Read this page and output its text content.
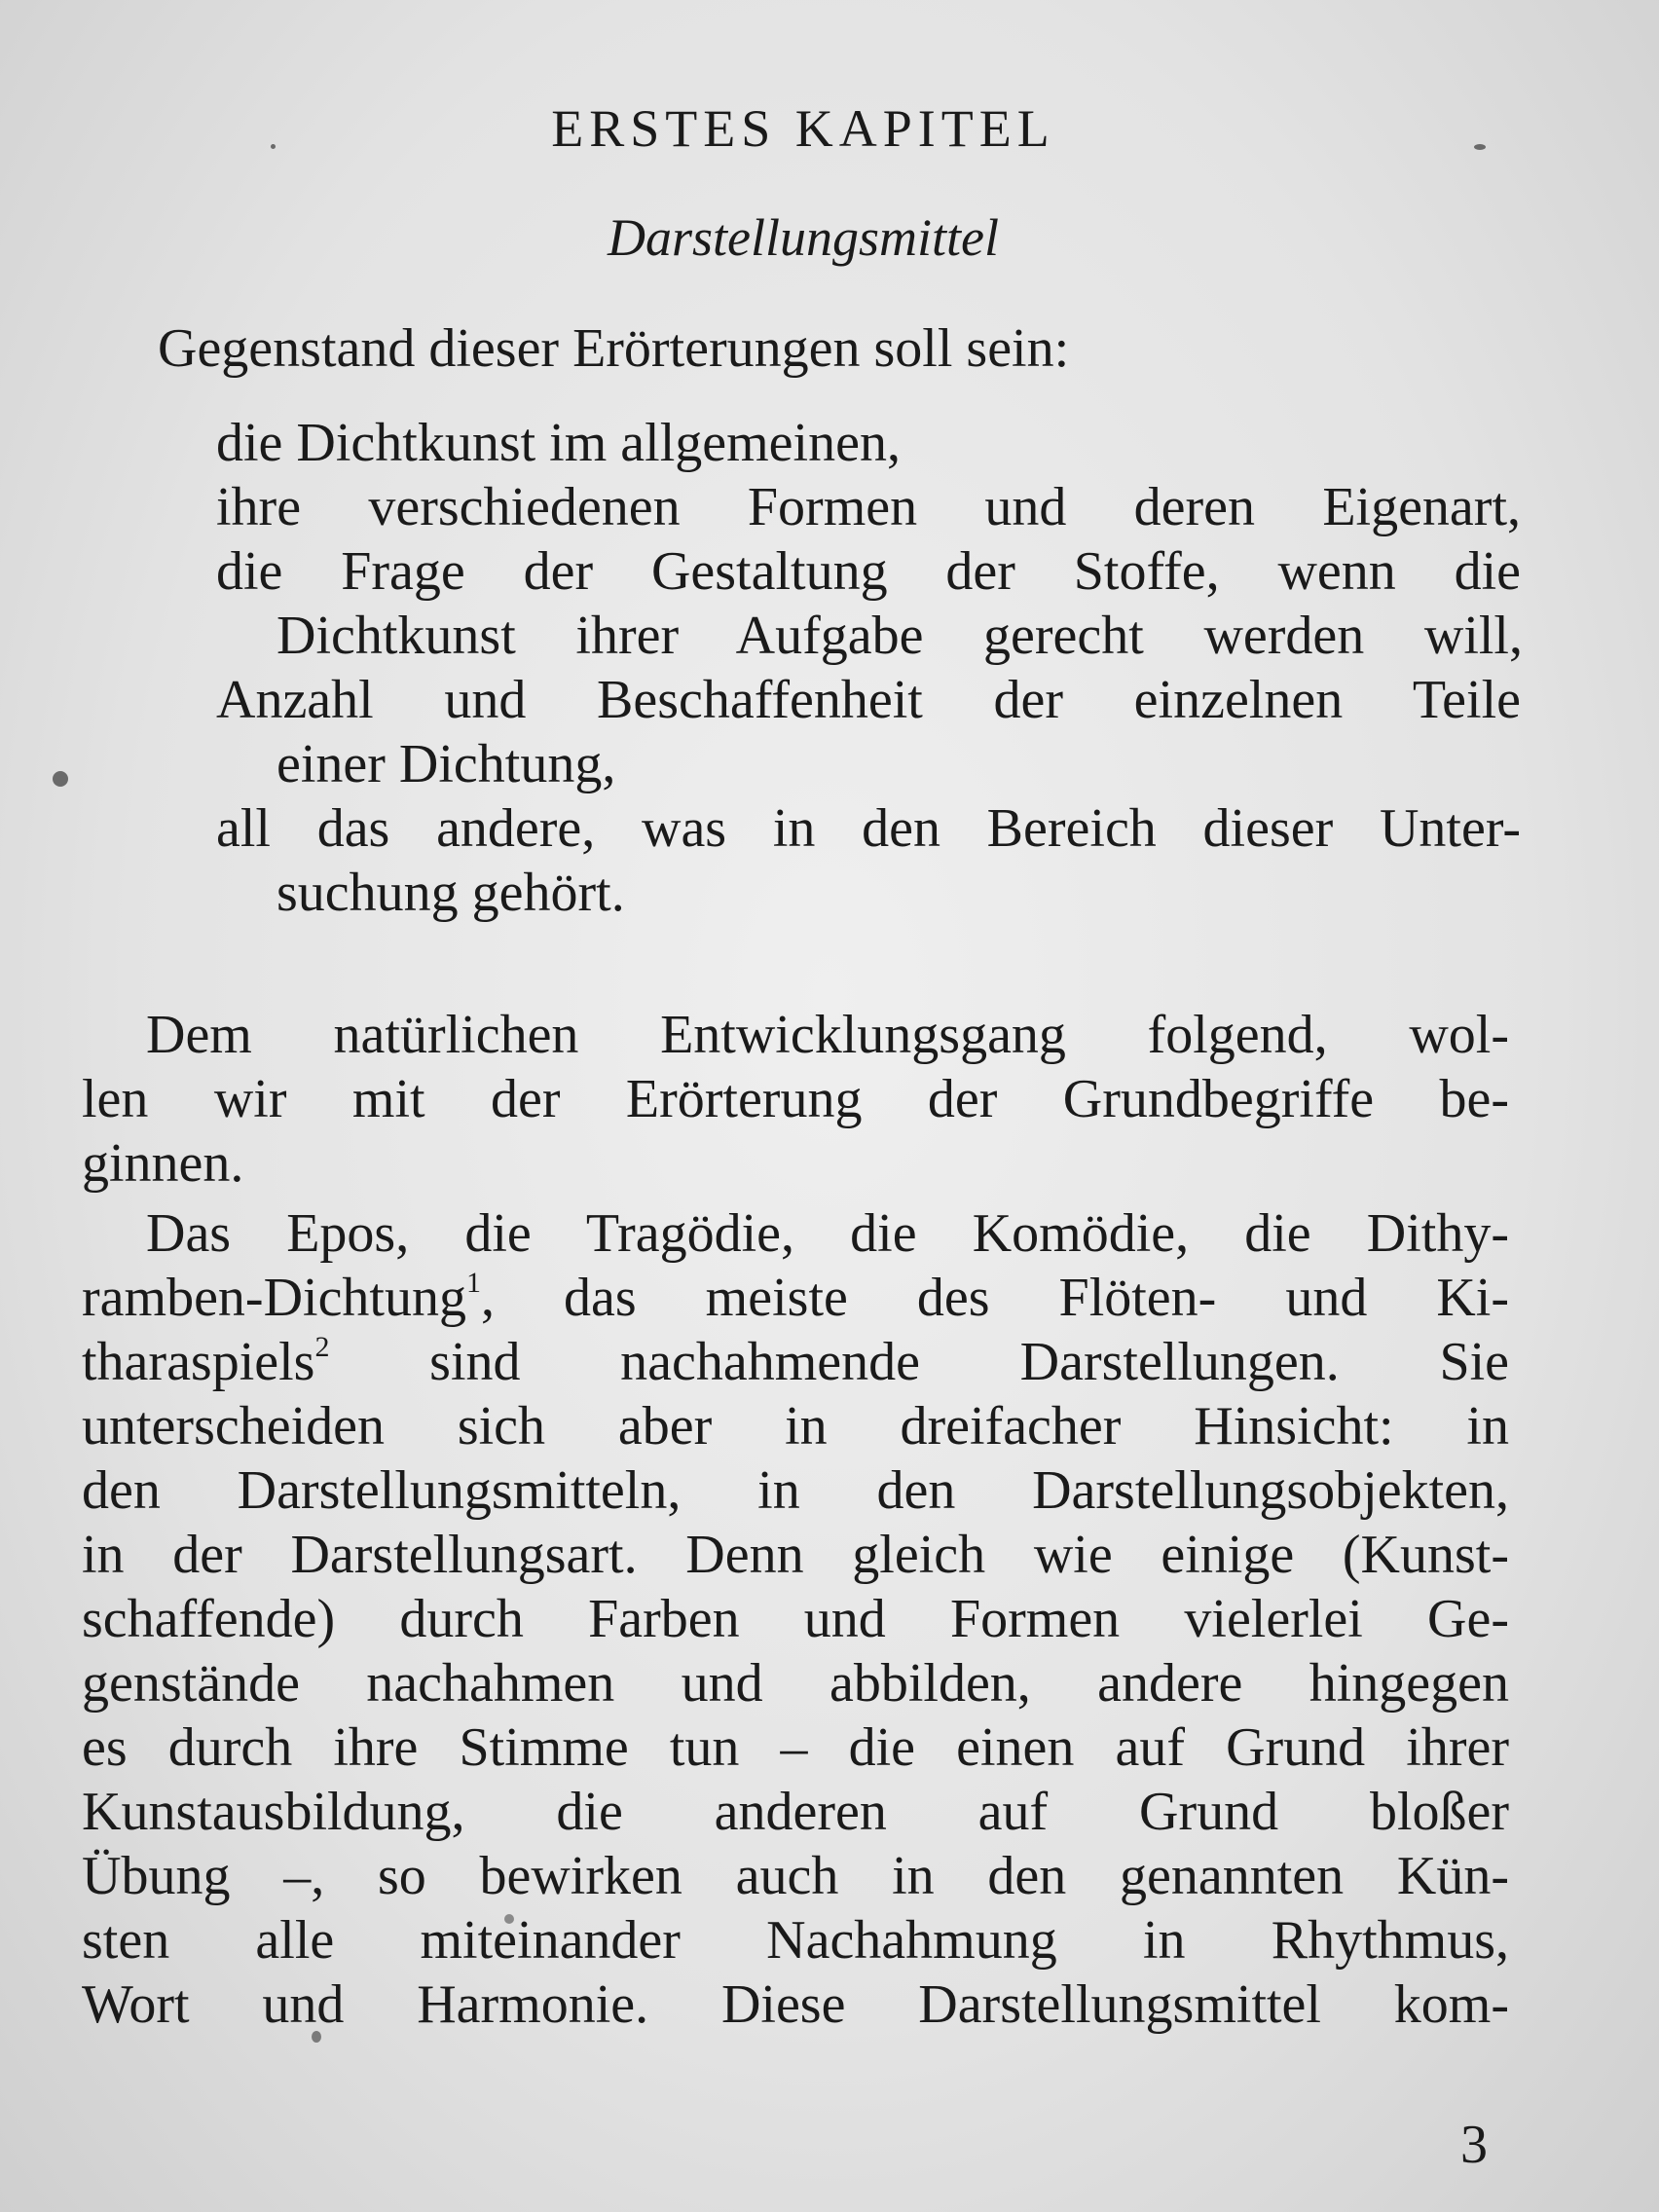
ERSTES KAPITEL
Darstellungsmittel
Gegenstand dieser Erörterungen soll sein:
die Dichtkunst im allgemeinen,
ihre verschiedenen Formen und deren Eigenart,
die Frage der Gestaltung der Stoffe, wenn die
Dichtkunst ihrer Aufgabe gerecht werden will,
Anzahl und Beschaffenheit der einzelnen Teile
einer Dichtung,
all das andere, was in den Bereich dieser Unter-
suchung gehört.
Dem natürlichen Entwicklungsgang folgend, wol-
len wir mit der Erörterung der Grundbegriffe be-
ginnen.
Das Epos, die Tragödie, die Komödie, die Dithy-
ramben-Dichtung$^1$, das meiste des Flöten- und Ki-
tharaspiels$^2$ sind nachahmende Darstellungen. Sie
unterscheiden sich aber in dreifacher Hinsicht: in
den Darstellungsmitteln, in den Darstellungsobjekten,
in der Darstellungsart. Denn gleich wie einige (Kunst-
schaffende) durch Farben und Formen vielerlei Ge-
genstände nachahmen und abbilden, andere hingegen
es durch ihre Stimme tun – die einen auf Grund ihrer
Kunstausbildung, die anderen auf Grund bloßer
Übung –, so bewirken auch in den genannten Kün-
sten alle miteinander Nachahmung in Rhythmus,
Wort und Harmonie. Diese Darstellungsmittel kom-
3
